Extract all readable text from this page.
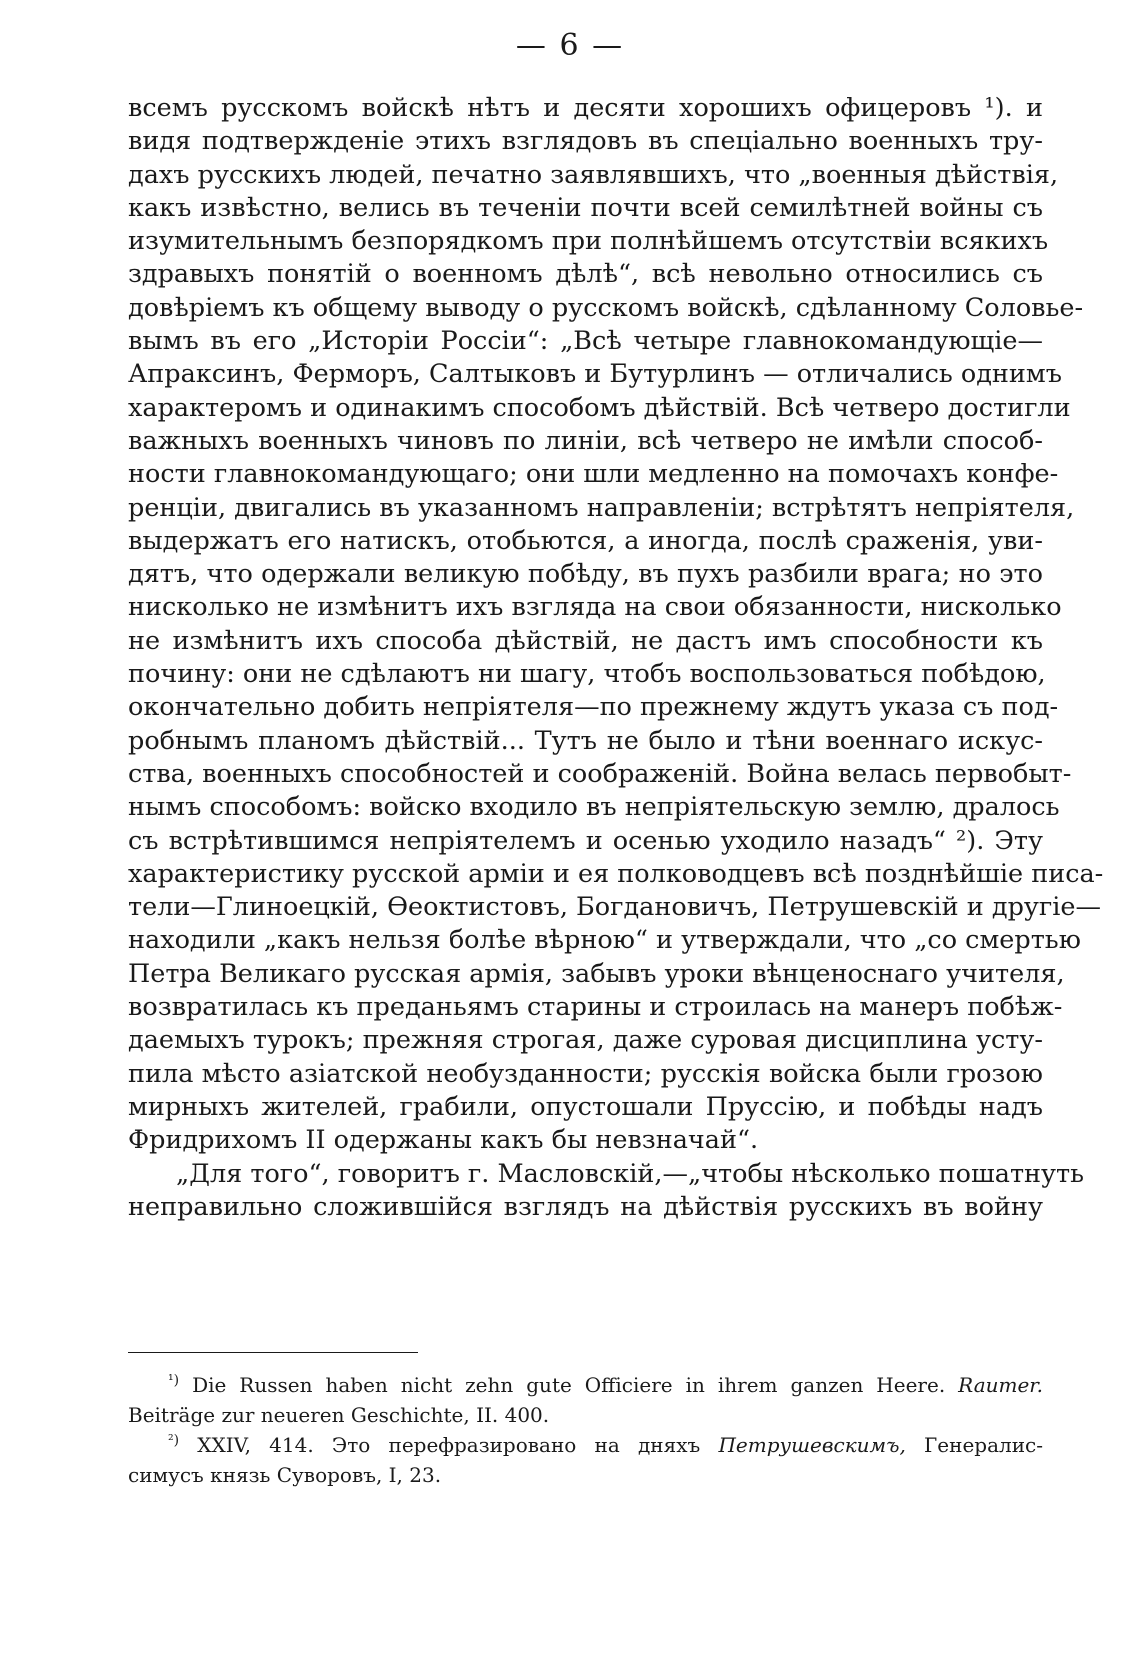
— 6 —
всемъ русскомъ войскѣ нѣтъ и десяти хорошихъ офицеровъ ¹). и
видя подтвержденіе этихъ взглядовъ въ спеціально военныхъ тру-
дахъ русскихъ людей, печатно заявлявшихъ, что „военныя дѣйствія,
какъ извѣстно, велись въ теченіи почти всей семилѣтней войны съ
изумительнымъ безпорядкомъ при полнѣйшемъ отсутствіи всякихъ
здравыхъ понятій о военномъ дѣлѣ“, всѣ невольно относились съ
довѣріемъ къ общему выводу о русскомъ войскѣ, сдѣланному Соловье-
вымъ въ его „Исторіи Россіи“: „Всѣ четыре главнокомандующіе—
Апраксинъ, Ферморъ, Салтыковъ и Бутурлинъ — отличались однимъ
характеромъ и одинакимъ способомъ дѣйствій. Всѣ четверо достигли
важныхъ военныхъ чиновъ по линіи, всѣ четверо не имѣли способ-
ности главнокомандующаго; они шли медленно на помочахъ конфе-
ренціи, двигались въ указанномъ направленіи; встрѣтятъ непріятеля,
выдержатъ его натискъ, отобьются, а иногда, послѣ сраженія, уви-
дятъ, что одержали великую побѣду, въ пухъ разбили врага; но это
нисколько не измѣнитъ ихъ взгляда на свои обязанности, нисколько
не измѣнитъ ихъ способа дѣйствій, не дастъ имъ способности къ
почину: они не сдѣлаютъ ни шагу, чтобъ воспользоваться побѣдою,
окончательно добить непріятеля—по прежнему ждутъ указа съ под-
робнымъ планомъ дѣйствій... Тутъ не было и тѣни военнаго искус-
ства, военныхъ способностей и соображеній. Война велась первобыт-
нымъ способомъ: войско входило въ непріятельскую землю, дралось
съ встрѣтившимся непріятелемъ и осенью уходило назадъ“ ²). Эту
характеристику русской арміи и ея полководцевъ всѣ позднѣйшіе писа-
тели—Глиноецкій, Ѳеоктистовъ, Богдановичъ, Петрушевскій и другіе—
находили „какъ нельзя болѣе вѣрною“ и утверждали, что „со смертью
Петра Великаго русская армія, забывъ уроки вѣнценоснаго учителя,
возвратилась къ преданьямъ старины и строилась на манеръ побѣж-
даемыхъ турокъ; прежняя строгая, даже суровая дисциплина усту-
пила мѣсто азіатской необузданности; русскія войска были грозою
мирныхъ жителей, грабили, опустошали Пруссію, и побѣды надъ
Фридрихомъ II одержаны какъ бы невзначай“.
„Для того“, говоритъ г. Масловскій,—„чтобы нѣсколько пошатнуть
неправильно сложившійся взглядъ на дѣйствія русскихъ въ войну
$^{^1)}$ Die Russen haben nicht zehn gute Officiere in ihrem ganzen Heere. Raumer.
Beiträge zur neueren Geschichte, II. 400.
$^{^2)}$ XXIV, 414. Это перефразировано на дняхъ Петрушевскимъ, Генералис-
симусъ князь Суворовъ, I, 23.
